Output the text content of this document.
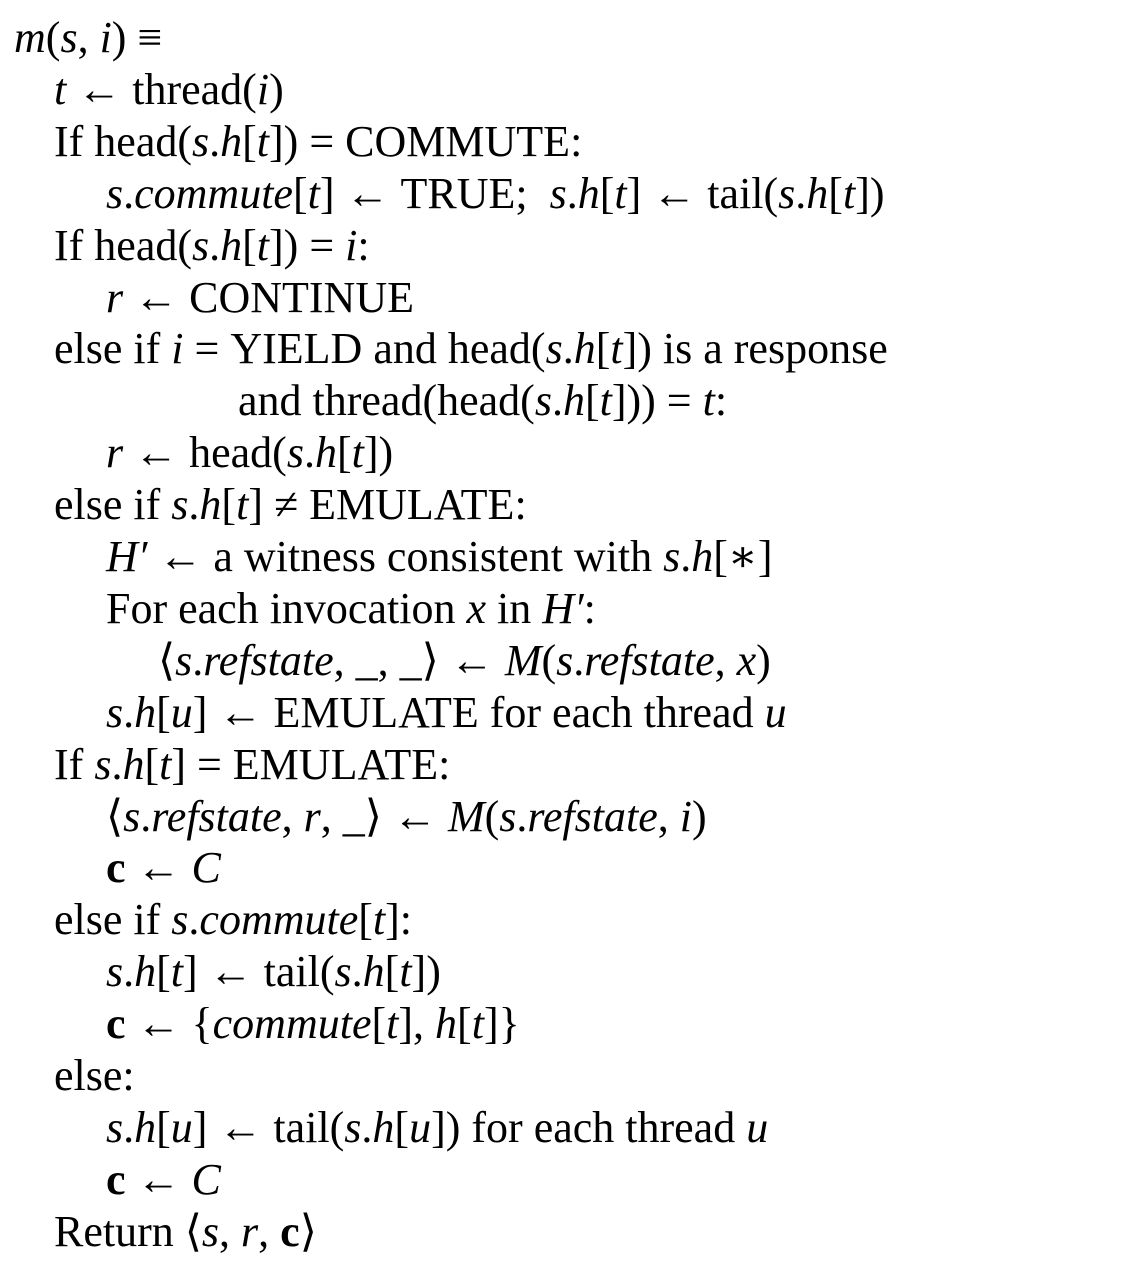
m(s, i) ≡
t ← thread(i)
If head(s.h[t]) = COMMUTE:
s.commute[t] ← TRUE;  s.h[t] ← tail(s.h[t])
If head(s.h[t]) = i:
r ← CONTINUE
else if i = YIELD and head(s.h[t]) is a response
and thread(head(s.h[t])) = t:
r ← head(s.h[t])
else if s.h[t] ≠ EMULATE:
H′ ← a witness consistent with s.h[∗]
For each invocation x in H′:
⟨s.refstate, _, _⟩ ← M(s.refstate, x)
s.h[u] ← EMULATE for each thread u
If s.h[t] = EMULATE:
⟨s.refstate, r, _⟩ ← M(s.refstate, i)
c ← C
else if s.commute[t]:
s.h[t] ← tail(s.h[t])
c ← {commute[t], h[t]}
else:
s.h[u] ← tail(s.h[u]) for each thread u
c ← C
Return ⟨s, r, c⟩
